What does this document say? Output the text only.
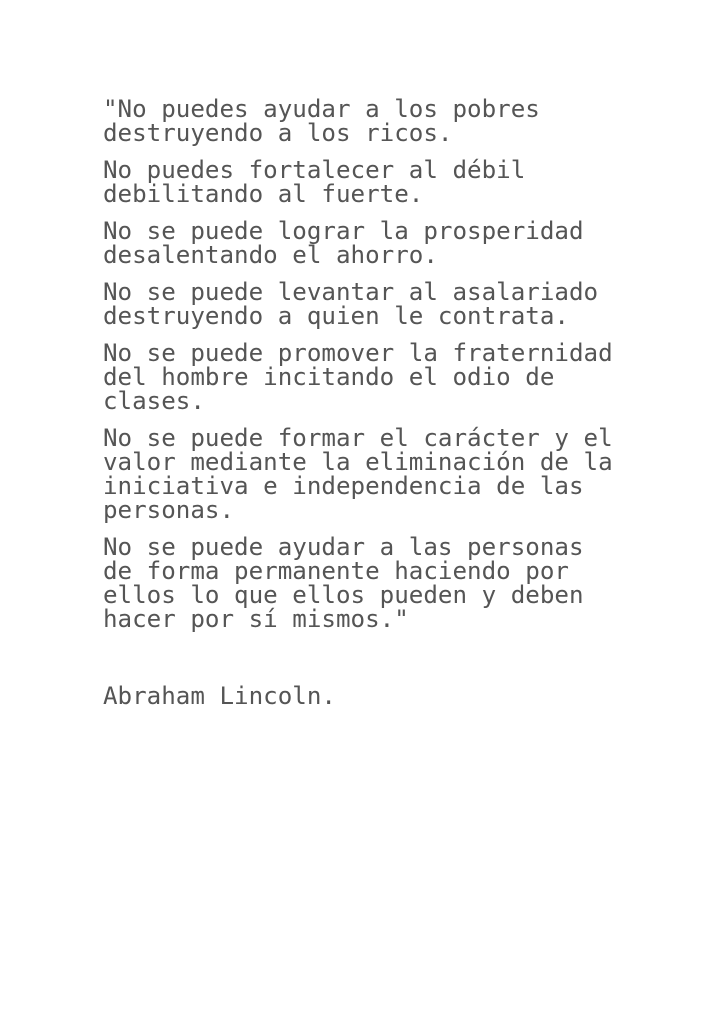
"No puedes ayudar a los pobres
destruyendo a los ricos.

No puedes fortalecer al débil
debilitando al fuerte.

No se puede lograr la prosperidad
desalentando el ahorro.

No se puede levantar al asalariado
destruyendo a quien le contrata.

No se puede promover la fraternidad
del hombre incitando el odio de
clases.

No se puede formar el carácter y el
valor mediante la eliminación de la
iniciativa e independencia de las
personas.

No se puede ayudar a las personas
de forma permanente haciendo por
ellos lo que ellos pueden y deben
hacer por sí mismos."

Abraham Lincoln.
